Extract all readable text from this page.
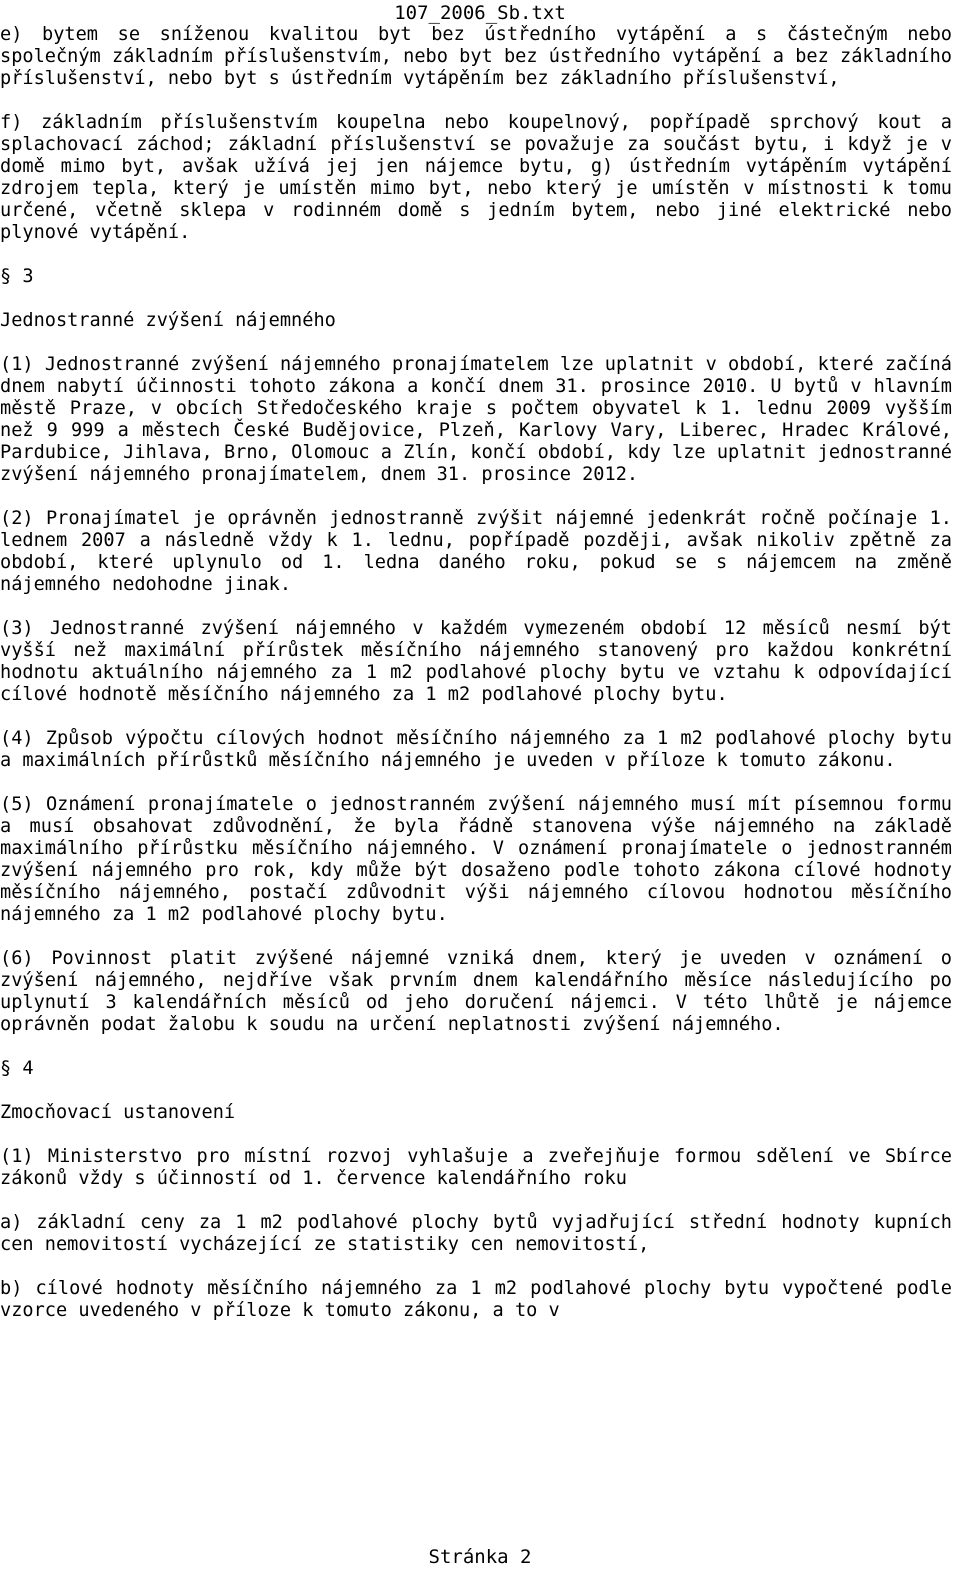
107_2006_Sb.txt

e) bytem se sníženou kvalitou byt bez ústředního vytápění a s částečným nebo společným základním příslušenstvím, nebo byt bez ústředního vytápění a bez základního příslušenství, nebo byt s ústředním vytápěním bez základního příslušenství,

f) základním příslušenstvím koupelna nebo koupelnový, popřípadě sprchový kout a splachovací záchod; základní příslušenství se považuje za součást bytu, i když je v domě mimo byt, avšak užívá jej jen nájemce bytu, g) ústředním vytápěním vytápění zdrojem tepla, který je umístěn mimo byt, nebo který je umístěn v místnosti k tomu určené, včetně sklepa v rodinném domě s jedním bytem, nebo jiné elektrické nebo plynové vytápění.

§ 3

Jednostranné zvýšení nájemného

(1) Jednostranné zvýšení nájemného pronajímatelem lze uplatnit v období, které začíná dnem nabytí účinnosti tohoto zákona a končí dnem 31. prosince 2010. U bytů v hlavním městě Praze, v obcích Středočeského kraje s počtem obyvatel k 1. lednu 2009 vyšším než 9 999 a městech České Budějovice, Plzeň, Karlovy Vary, Liberec, Hradec Králové, Pardubice, Jihlava, Brno, Olomouc a Zlín, končí období, kdy lze uplatnit jednostranné zvýšení nájemného pronajímatelem, dnem 31. prosince 2012.

(2) Pronajímatel je oprávněn jednostranně zvýšit nájemné jedenkrát ročně počínaje 1. lednem 2007 a následně vždy k 1. lednu, popřípadě později, avšak nikoliv zpětně za období, které uplynulo od 1. ledna daného roku, pokud se s nájemcem na změně nájemného nedohodne jinak.

(3) Jednostranné zvýšení nájemného v každém vymezeném období 12 měsíců nesmí být vyšší než maximální přírůstek měsíčního nájemného stanovený pro každou konkrétní hodnotu aktuálního nájemného za 1 m2 podlahové plochy bytu ve vztahu k odpovídající cílové hodnotě měsíčního nájemného za 1 m2 podlahové plochy bytu.

(4) Způsob výpočtu cílových hodnot měsíčního nájemného za 1 m2 podlahové plochy bytu a maximálních přírůstků měsíčního nájemného je uveden v příloze k tomuto zákonu.

(5) Oznámení pronajímatele o jednostranném zvýšení nájemného musí mít písemnou formu a musí obsahovat zdůvodnění, že byla řádně stanovena výše nájemného na základě maximálního přírůstku měsíčního nájemného. V oznámení pronajímatele o jednostranném zvýšení nájemného pro rok, kdy může být dosaženo podle tohoto zákona cílové hodnoty měsíčního nájemného, postačí zdůvodnit výši nájemného cílovou hodnotou měsíčního nájemného za 1 m2 podlahové plochy bytu.

(6) Povinnost platit zvýšené nájemné vzniká dnem, který je uveden v oznámení o zvýšení nájemného, nejdříve však prvním dnem kalendářního měsíce následujícího po uplynutí 3 kalendářních měsíců od jeho doručení nájemci. V této lhůtě je nájemce oprávněn podat žalobu k soudu na určení neplatnosti zvýšení nájemného.

§ 4

Zmocňovací ustanovení

(1) Ministerstvo pro místní rozvoj vyhlašuje a zveřejňuje formou sdělení ve Sbírce zákonů vždy s účinností od 1. července kalendářního roku

a) základní ceny za 1 m2 podlahové plochy bytů vyjadřující střední hodnoty kupních cen nemovitostí vycházející ze statistiky cen nemovitostí,

b) cílové hodnoty měsíčního nájemného za 1 m2 podlahové plochy bytu vypočtené podle vzorce uvedeného v příloze k tomuto zákonu, a to v

Stránka 2
